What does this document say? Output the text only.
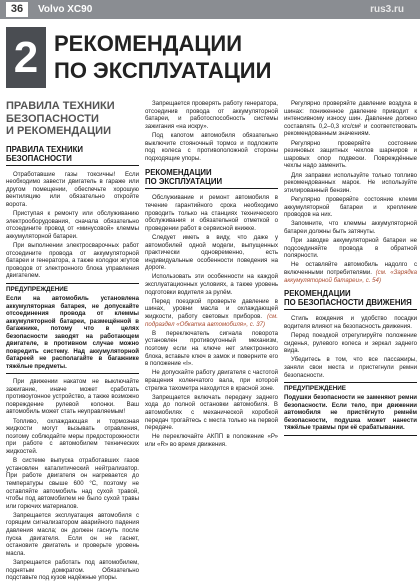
36	Volvo XC90	rus3.ru
2 РЕКОМЕНДАЦИИ
ПО ЭКСПЛУАТАЦИИ
ПРАВИЛА ТЕХНИКИ
БЕЗОПАСНОСТИ
И РЕКОМЕНДАЦИИ
ПРАВИЛА ТЕХНИКИ
БЕЗОПАСНОСТИ

Отработавшие газы токсичны! Если необходимо завести двигатель в гараже или другом помещении, обеспечьте хорошую вентиляцию или обязательно откройте ворота.

Приступая к ремонту или обслуживанию электрооборудования, сначала обязательно отсоедините провод от «минусовой» клеммы аккумуляторной батареи.

При выполнении электросварочных работ отсоедините провода от аккумуляторной батареи и генератора, а также колодки жгутов проводов от электронного блока управления двигателем.

ПРЕДУПРЕЖДЕНИЕ
Если на автомобиль установлена аккумуляторная батарея, не допускайте отсоединения провода от клеммы аккумуляторной батареи, размещённой в багажнике, потому что в целях безопасности заводят на работающем двигателе, в противном случае можно повредить систему. Над аккумуляторной батареей не располагайте в багажнике тяжёлые предметы.

При движении накатом не выключайте зажигание, иначе может сработать противоугонное устройство, а также возможно повреждение рулевой колонки. Ваш автомобиль может стать неуправляемым!

Топливо, охлаждающая и тормозная жидкости могут вызывать отравления, поэтому соблюдайте меры предосторожности при работе с автомобилем технических жидкостей.

В системе выпуска отработавших газов установлен каталитический нейтрализатор. При работе двигателя он нагревается до температуры свыше 600 °С, поэтому не оставляйте автомобиль над сухой травой, чтобы под автомобилем не было сухой травы или горючих материалов.

Запрещается эксплуатация автомобиля с горящим сигнализатором аварийного падения давления масла; он должен гаснуть после пуска двигателя. Если он не гаснет, остановите двигатель и проверьте уровень масла.

Запрещается работать под автомобилем, поднятым домкратом. Обязательно подставьте под кузов надёжные упоры.

Запрещается проверять работу генератора, отсоединив провода от аккумуляторной батареи, и работоспособность системы зажигания «на искру».

Под капотом автомобиля обязательно выключите стояночный тормоз и подложите под колеса с противоположной стороны подходящие упоры.

РЕКОМЕНДАЦИИ
ПО ЭКСПЛУАТАЦИИ

Обслуживание и ремонт автомобиля в течение гарантийного срока необходимо проводить только на станциях технического обслуживания и обязательной отметкой о проведении работ в сервисной книжке.

Следует иметь в виду, что даже у автомобилей одной модели, выпущенных практически одновременно, есть индивидуальные особенности поведения на дороге.

Использовать эти особенности на каждой эксплуатационных условиях, а также уровень подготовки водителя за рулём.

Перед поездкой проверьте давление в шинах, уровни масла и охлаждающей жидкости, работу световых приборов. (см. подраздел «Обкатка автомобиля», с. 37)

В переключатель сигнала поворота установлен противоугонный механизм, поэтому если на ключе нет электронного блока, вставьте ключ в замок и поверните его в положение «I».

Не допускайте работу двигателя с частотой вращения коленчатого вала, при которой стрелка тахометра находится в красной зоне.

Запрещается включать передачу заднего хода до полной остановки автомобиля. В автомобилях с механической коробкой передач трогайтесь с места только на первой передаче.

Не переключайте АКПП в положение «Р» или «R» во время движения.

Регулярно проверяйте давление воздуха в шинах: пониженное давление приводит к интенсивному износу шин. Давление должно составлять 0,2–0,3 кгс/см² и соответствовать рекомендованным значениям.

Регулярно проверяйте состояние резиновых защитных чехлов шарниров и шаровых опор подвески. Повреждённые чехлы надо заменить.

Для заправки используйте только топливо рекомендованных марок. Не используйте этилированный бензин.

Регулярно проверяйте состояние клемм аккумуляторной батареи и крепление проводов на них.

Запомните, что клеммы аккумуляторной батареи должны быть затянуты.

При заводке аккумуляторной батареи не подсоединяйте провода в обратной полярности.

Не оставляйте автомобиль надолго с включенными потребителями. (см. «Зарядка аккумуляторной батареи», с. 54)

РЕКОМЕНДАЦИИ
ПО БЕЗОПАСНОСТИ ДВИЖЕНИЯ

Стиль вождения и удобство посадки водителя влияют на безопасность движения.

Перед поездкой отрегулируйте положение сиденья, рулевого колеса и зеркал заднего вида.

Убедитесь в том, что все пассажиры, заняли свои места и пристегнули ремни безопасности.

ПРЕДУПРЕЖДЕНИЕ
Подушки безопасности не заменяют ремни безопасности. Если тело, при движении автомобиля не пристёгнуто ремнём безопасности, подушка может нанести тяжёлые травмы при её срабатывании.
